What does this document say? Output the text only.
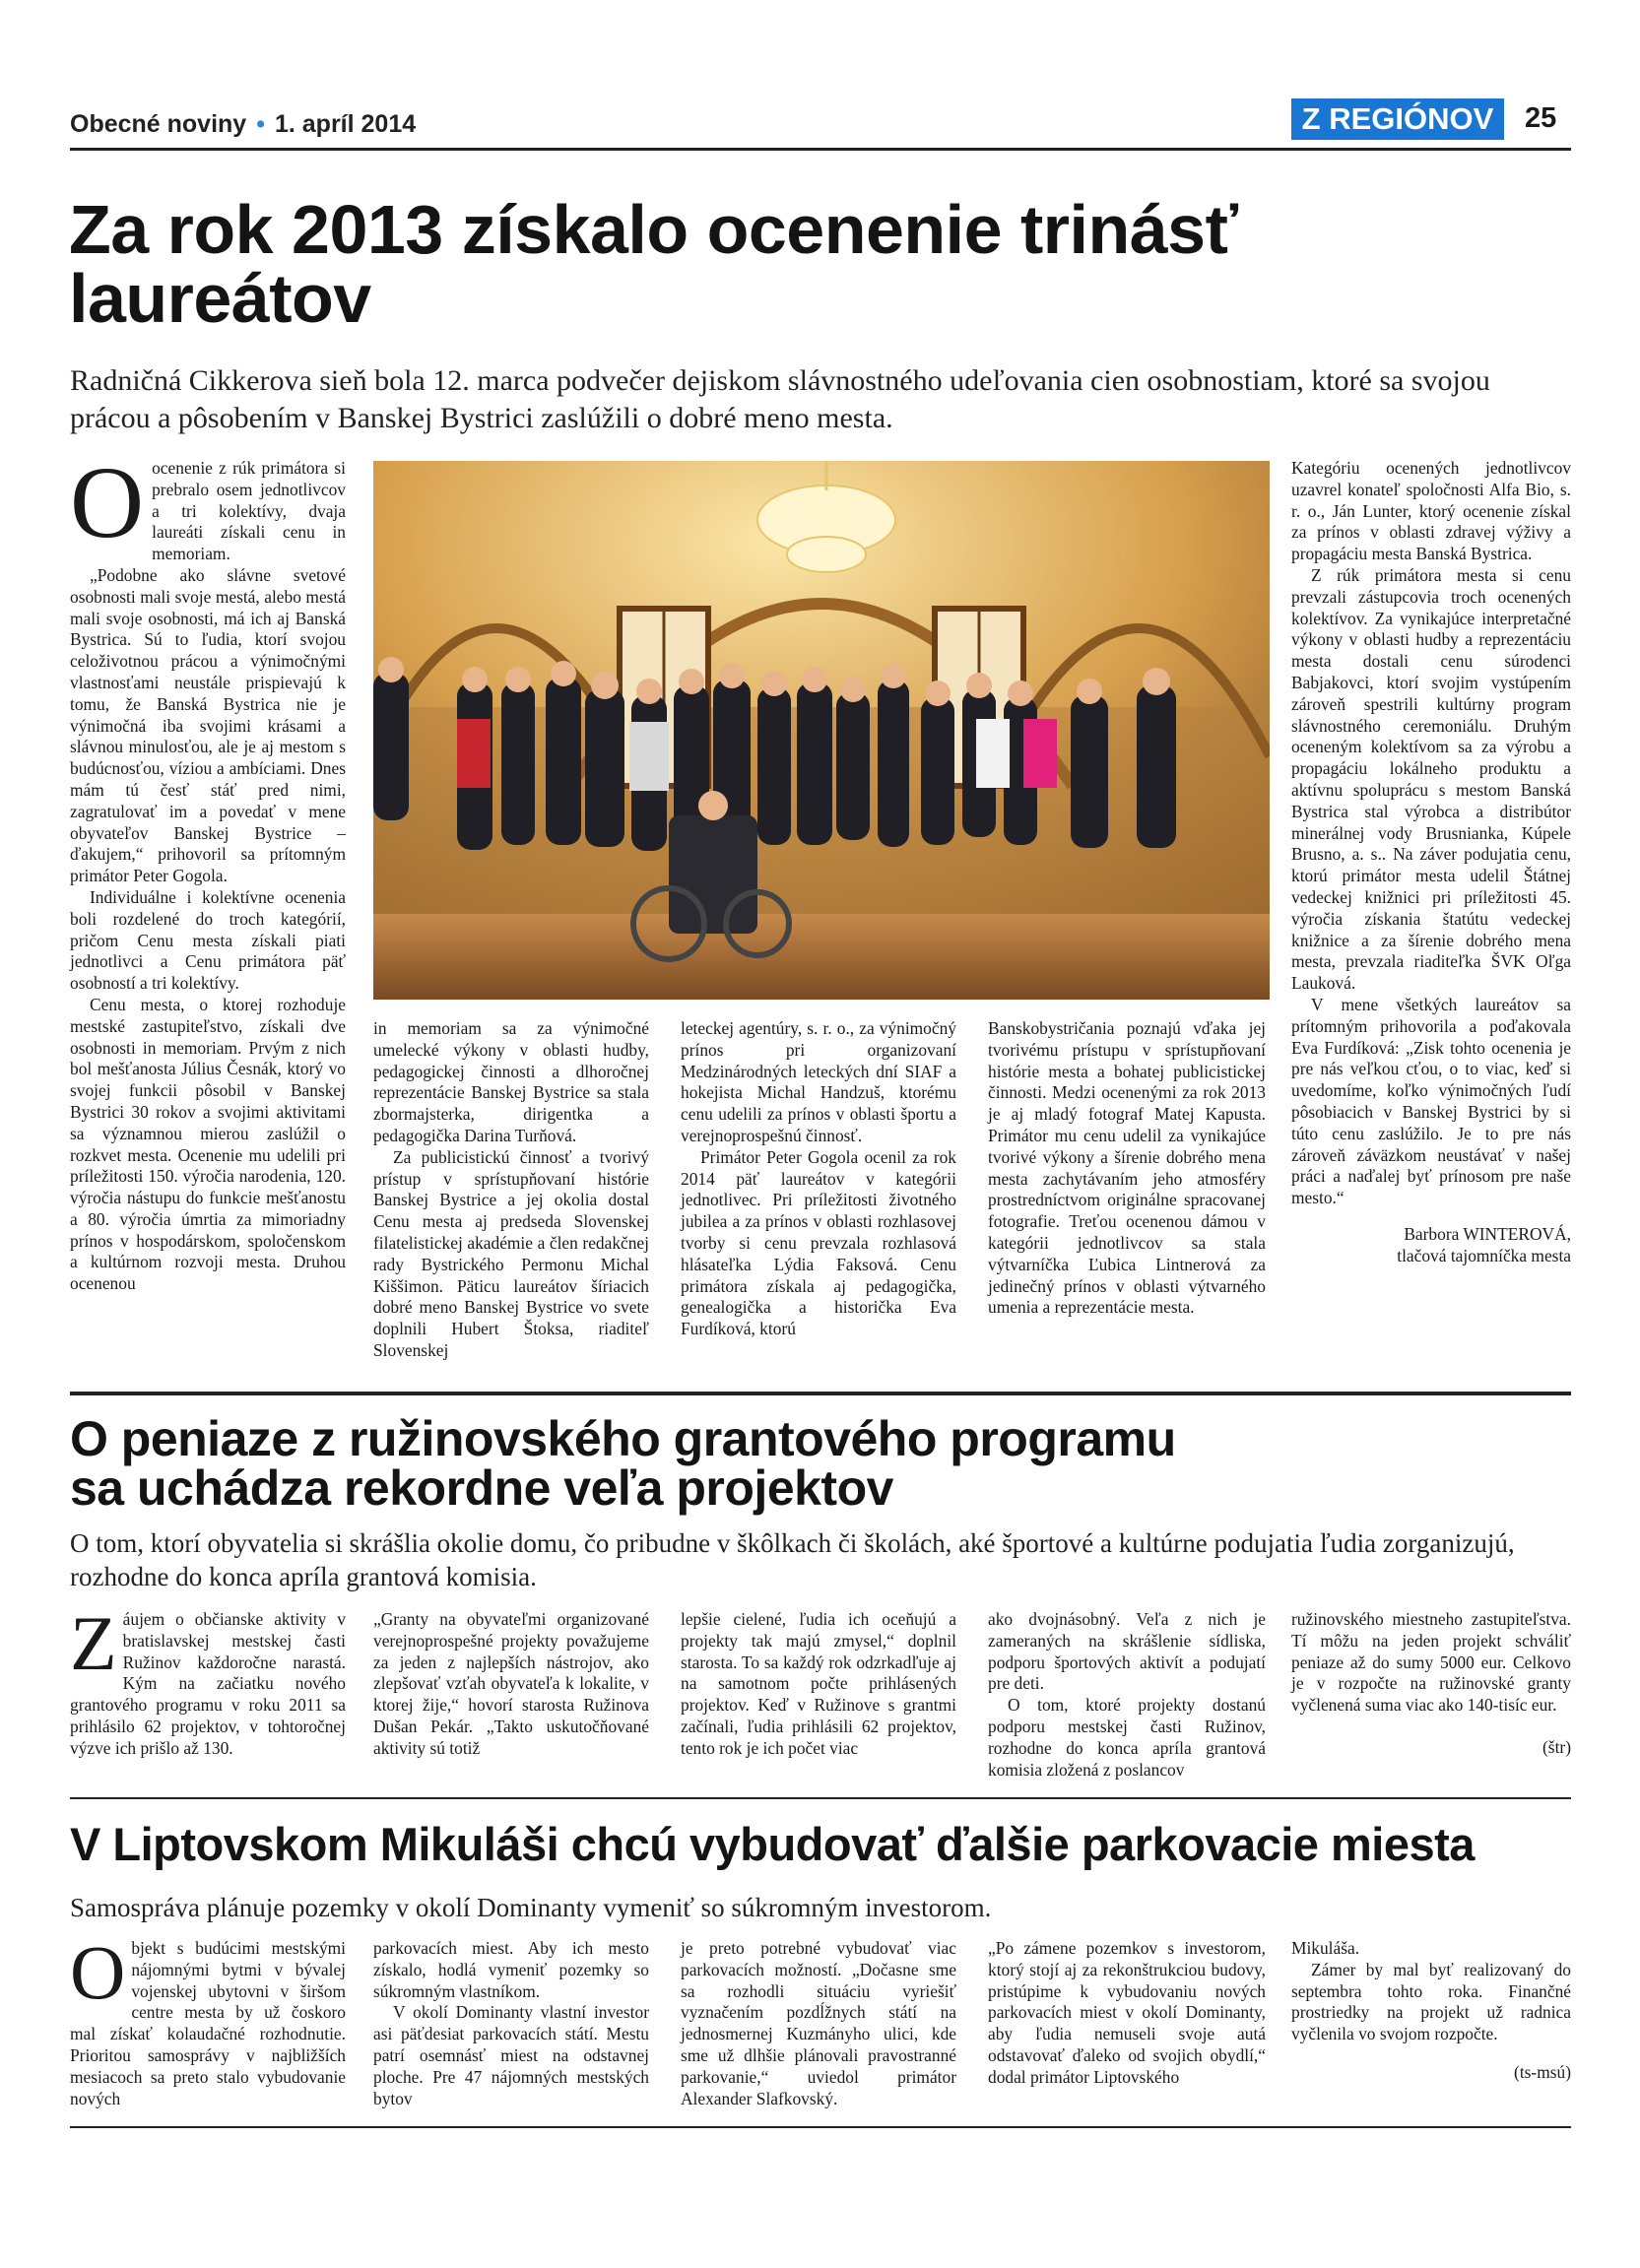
Obecné noviny • 1. apríl 2014	Z REGIÓNOV	25
Za rok 2013 získalo ocenenie trinásť laureátov
Radničná Cikkerova sieň bola 12. marca podvečer dejiskom slávnostného udeľovania cien osobnostiam, ktoré sa svojou prácou a pôsobením v Banskej Bystrici zaslúžili o dobré meno mesta.
O ocenenie z rúk primátora si prebralo osem jednotlivcov a tri kolektívy, dvaja laureáti získali cenu in memoriam.

„Podobne ako slávne svetové osobnosti mali svoje mestá, alebo mestá mali svoje osobnosti, má ich aj Banská Bystrica. Sú to ľudia, ktorí svojou celoživotnou prácou a výnimočnými vlastnosťami neustále prispievajú k tomu, že Banská Bystrica nie je výnimočná iba svojimi krásami a slávnou minulosťou, ale je aj mestom s budúcnosťou, víziou a ambíciami. Dnes mám tú česť stáť pred nimi, zagratulovať im a povedať v mene obyvateľov Banskej Bystrice – ďakujem,“ prihovoril sa prítomným primátor Peter Gogola.

Individuálne i kolektívne ocenenia boli rozdelené do troch kategórií, pričom Cenu mesta získali piati jednotlivci a Cenu primátora päť osobností a tri kolektívy.

Cenu mesta, o ktorej rozhoduje mestské zastupiteľstvo, získali dve osobnosti in memoriam. Prvým z nich bol mešťanosta Július Česnák, ktorý vo svojej funkcii pôsobil v Banskej Bystrici 30 rokov a svojimi aktivitami sa významnou mierou zaslúžil o rozkvet mesta. Ocenenie mu udelili pri príležitosti 150. výročia narodenia, 120. výročia nástupu do funkcie mešťanostu a 80. výročia úmrtia za mimoriadny prínos v hospodárskom, spoločenskom a kultúrnom rozvoji mesta. Druhou ocenenou

in memoriam sa za výnimočné umelecké výkony v oblasti hudby, pedagogickej činnosti a dlhoročnej reprezentácie Banskej Bystrice sa stala zbormajsterka, dirigentka a pedagogička Darina Turňová.

Za publicistickú činnosť a tvorivý prístup v sprístupňovaní histórie Banskej Bystrice a jej okolia dostal Cenu mesta aj predseda Slovenskej filatelistickej akadémie a člen redakčnej rady Bystrického Permonu Michal Kiššimon. Päticu laureátov šíriacich dobré meno Banskej Bystrice vo svete doplnili Hubert Štoksa, riaditeľ Slovenskej

leteckej agentúry, s. r. o., za výnimočný prínos pri organizovaní Medzinárodných leteckých dní SIAF a hokejista Michal Handzuš, ktorému cenu udelili za prínos v oblasti športu a verejnoprospešnú činnosť.

Primátor Peter Gogola ocenil za rok 2014 päť laureátov v kategórii jednotlivec. Pri príležitosti životného jubilea a za prínos v oblasti rozhlasovej tvorby si cenu prevzala rozhlasová hlásateľka Lýdia Faksová. Cenu primátora získala aj pedagogička, genealogička a historička Eva Furdíková, ktorú

Banskobystričania poznajú vďaka jej tvorivému prístupu v sprístupňovaní histórie mesta a bohatej publicistickej činnosti. Medzi ocenenými za rok 2013 je aj mladý fotograf Matej Kapusta. Primátor mu cenu udelil za vynikajúce tvorivé výkony a šírenie dobrého mena mesta zachytávaním jeho atmosféry prostredníctvom originálne spracovanej fotografie. Treťou ocenenou dámou v kategórii jednotlivcov sa stala výtvarníčka Ľubica Lintnerová za jedinečný prínos v oblasti výtvarného umenia a reprezentácie mesta.

Kategóriu ocenených jednotlivcov uzavrel konateľ spoločnosti Alfa Bio, s. r. o., Ján Lunter, ktorý ocenenie získal za prínos v oblasti zdravej výživy a propagáciu mesta Banská Bystrica.

Z rúk primátora mesta si cenu prevzali zástupcovia troch ocenených kolektívov. Za vynikajúce interpretačné výkony v oblasti hudby a reprezentáciu mesta dostali cenu súrodenci Babjakovci, ktorí svojim vystúpením zároveň spestrili kultúrny program slávnostného ceremoniálu. Druhým oceneným kolektívom sa za výrobu a propagáciu lokálneho produktu a aktívnu spoluprácu s mestom Banská Bystrica stal výrobca a distribútor minerálnej vody Brusnianka, Kúpele Brusno, a. s.. Na záver podujatia cenu, ktorú primátor mesta udelil Štátnej vedeckej knižnici pri príležitosti 45. výročia získania štatútu vedeckej knižnice a za šírenie dobrého mena mesta, prevzala riaditeľka ŠVK Oľga Lauková.

V mene všetkých laureátov sa prítomným prihovorila a poďakovala Eva Furdíková: „Zisk tohto ocenenia je pre nás veľkou cťou, o to viac, keď si uvedomíme, koľko výnimočných ľudí pôsobiacich v Banskej Bystrici by si túto cenu zaslúžilo. Je to pre nás zároveň záväzkom neustávať v našej práci a naďalej byť prínosom pre naše mesto.“

Barbora WINTEROVÁ,
tlačová tajomníčka mesta
O peniaze z ružinovského grantového programu
sa uchádza rekordne veľa projektov
O tom, ktorí obyvatelia si skrášlia okolie domu, čo pribudne v škôlkach či školách, aké športové a kultúrne podujatia ľudia zorganizujú, rozhodne do konca apríla grantová komisia.
Z áujem o občianske aktivity v bratislavskej mestskej časti Ružinov každoročne narastá. Kým na začiatku nového grantového programu v roku 2011 sa prihlásilo 62 projektov, v tohtoročnej výzve ich prišlo až 130.

„Granty na obyvateľmi organizované verejnoprospešné projekty považujeme za jeden z najlepších nástrojov, ako zlepšovať vzťah obyvateľa k lokalite, v ktorej žije,“ hovorí starosta Ružinova Dušan Pekár. „Takto uskutočňované aktivity sú totiž

lepšie cielené, ľudia ich oceňujú a projekty tak majú zmysel,“ doplnil starosta. To sa každý rok odzrkadľuje aj na samotnom počte prihlásených projektov. Keď v Ružinove s grantmi začínali, ľudia prihlásili 62 projektov, tento rok je ich počet viac

ako dvojnásobný. Veľa z nich je zameraných na skrášlenie sídliska, podporu športových aktivít a podujatí pre deti.

O tom, ktoré projekty dostanú podporu mestskej časti Ružinov, rozhodne do konca apríla grantová komisia zložená z poslancov

ružinovského miestneho zastupiteľstva. Tí môžu na jeden projekt schváliť peniaze až do sumy 5000 eur. Celkovo je v rozpočte na ružinovské granty vyčlenená suma viac ako 140-tisíc eur.

(štr)
V Liptovskom Mikuláši chcú vybudovať ďalšie parkovacie miesta
Samospráva plánuje pozemky v okolí Dominanty vymeniť so súkromným investorom.
O bjekt s budúcimi mestskými nájomnými bytmi v bývalej vojenskej ubytovni v širšom centre mesta by už čoskoro mal získať kolaudačné rozhodnutie. Prioritou samosprávy v najbližších mesiacoch sa preto stalo vybudovanie nových

parkovacích miest. Aby ich mesto získalo, hodlá vymeniť pozemky so súkromným vlastníkom.

V okolí Dominanty vlastní investor asi päťdesiat parkovacích státí. Mestu patrí osemnásť miest na odstavnej ploche. Pre 47 nájomných mestských bytov

je preto potrebné vybudovať viac parkovacích možností. „Dočasne sme sa rozhodli situáciu vyriešiť vyznačením pozdĺžnych státí na jednosmernej Kuzmányho ulici, kde sme už dlhšie plánovali pravostranné parkovanie,“ uviedol primátor Alexander Slafkovský.

„Po zámene pozemkov s investorom, ktorý stojí aj za rekonštrukciou budovy, pristúpime k vybudovaniu nových parkovacích miest v okolí Dominanty, aby ľudia nemuseli svoje autá odstavovať ďaleko od svojich obydlí,“ dodal primátor Liptovského

Mikuláša.

Zámer by mal byť realizovaný do septembra tohto roka. Finančné prostriedky na projekt už radnica vyčlenila vo svojom rozpočte.

(ts-msú)
